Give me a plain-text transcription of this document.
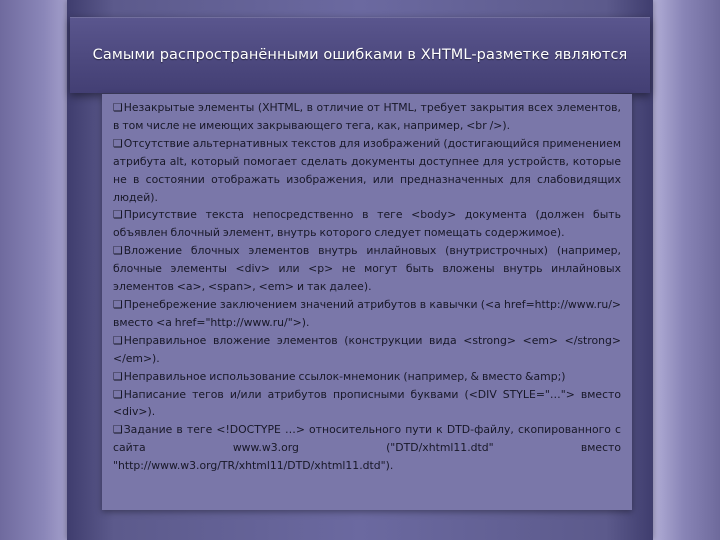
Самыми распространёнными ошибками в XHTML-разметке являются
❑Незакрытые элементы (XHTML, в отличие от HTML, требует закрытия всех элементов, в том числе не имеющих закрывающего тега, как, например, <br />).
❑Отсутствие альтернативных текстов для изображений (достигающийся применением атрибута alt, который помогает сделать документы доступнее для устройств, которые не в состоянии отображать изображения, или предназначенных для слабовидящих людей).
❑Присутствие текста непосредственно в теге <body> документа (должен быть объявлен блочный элемент, внутрь которого следует помещать содержимое).
❑Вложение блочных элементов внутрь инлайновых (внутристрочных) (например, блочные элементы <div> или <p> не могут быть вложены внутрь инлайновых элементов <a>, <span>, <em> и так далее).
❑Пренебрежение заключением значений атрибутов в кавычки (<a href=http://www.ru/> вместо <a href="http://www.ru/">).
❑Неправильное вложение элементов (конструкции вида <strong> <em> </strong> </em>).
❑Неправильное использование ссылок-мнемоник (например, & вместо &amp;)
❑Написание тегов и/или атрибутов прописными буквами (<DIV STYLE="…"> вместо <div>).
❑Задание в теге <!DOCTYPE …> относительного пути к DTD-файлу, скопированного с сайта www.w3.org ("DTD/xhtml11.dtd" вместо "http://www.w3.org/TR/xhtml11/DTD/xhtml11.dtd").
